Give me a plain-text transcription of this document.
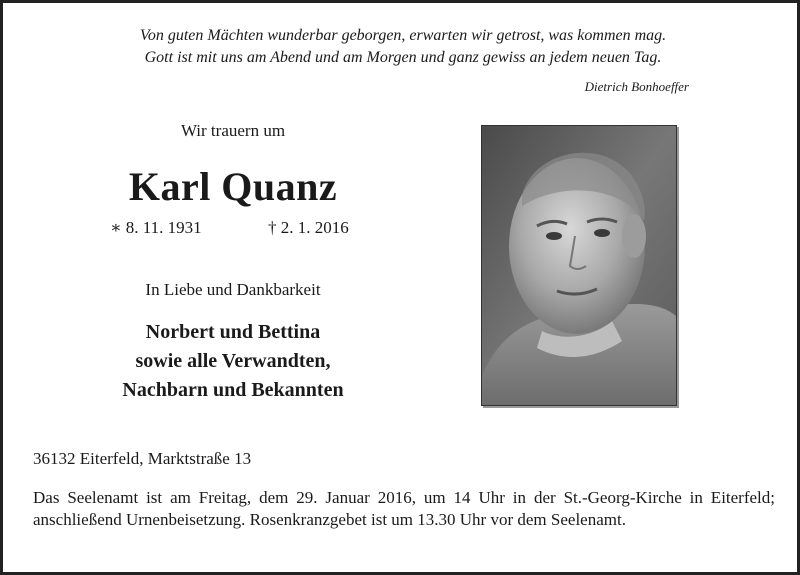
Von guten Mächten wunderbar geborgen, erwarten wir getrost, was kommen mag.
Gott ist mit uns am Abend und am Morgen und ganz gewiss an jedem neuen Tag.
Dietrich Bonhoeffer
Wir trauern um
Karl Quanz
∗ 8. 11. 1931	† 2. 1. 2016
In Liebe und Dankbarkeit
Norbert und Bettina
sowie alle Verwandten,
Nachbarn und Bekannten
36132 Eiterfeld, Marktstraße 13
Das Seelenamt ist am Freitag, dem 29. Januar 2016, um 14 Uhr in der St.-Georg-Kirche in Eiterfeld; anschließend Urnenbeisetzung. Rosenkranzgebet ist um 13.30 Uhr vor dem Seelenamt.
